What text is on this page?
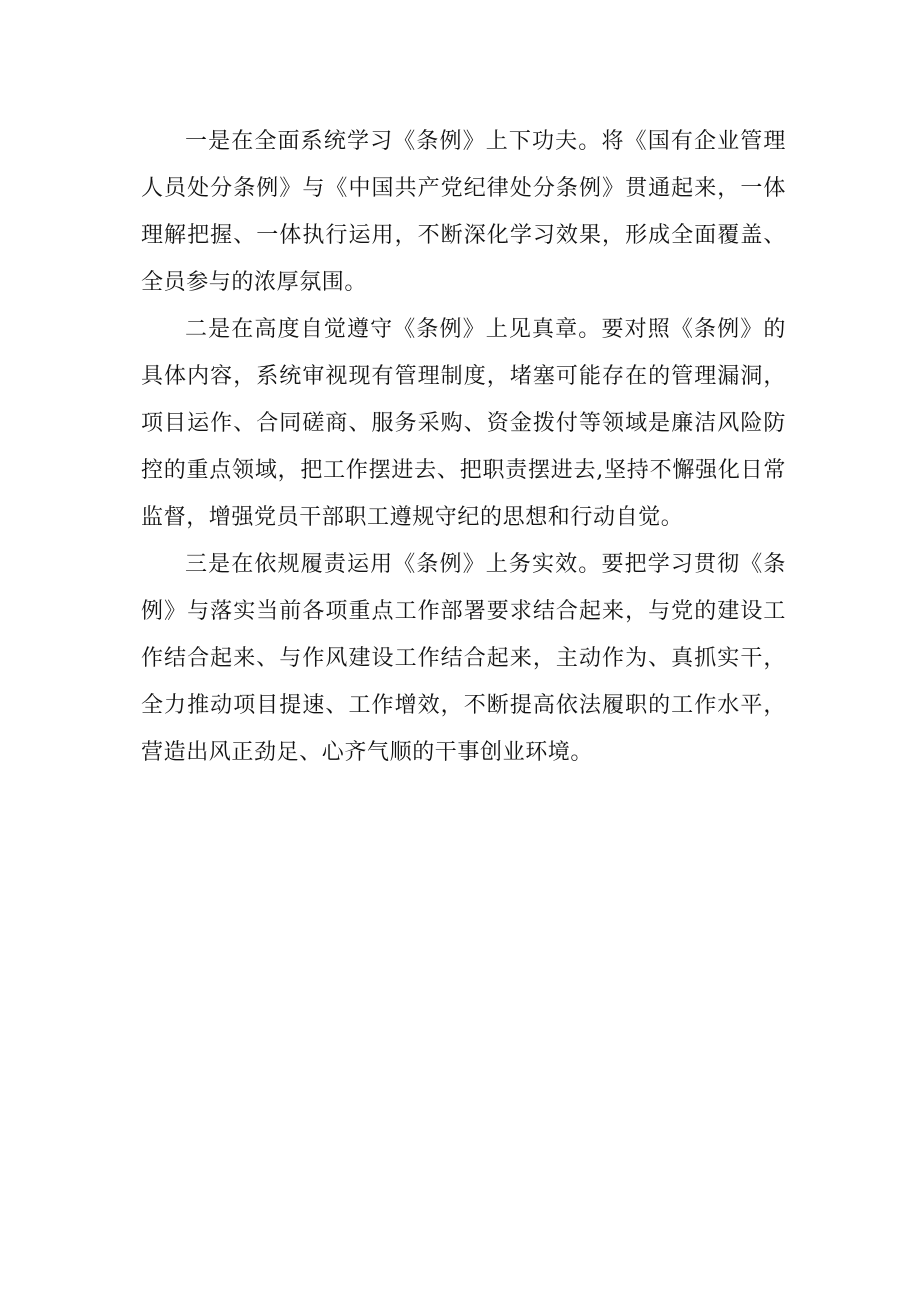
一是在全面系统学习《条例》上下功夫。将《国有企业管理人员处分条例》与《中国共产党纪律处分条例》贯通起来，一体理解把握、一体执行运用，不断深化学习效果，形成全面覆盖、全员参与的浓厚氛围。

二是在高度自觉遵守《条例》上见真章。要对照《条例》的具体内容，系统审视现有管理制度，堵塞可能存在的管理漏洞，项目运作、合同磋商、服务采购、资金拨付等领域是廉洁风险防控的重点领域，把工作摆进去、把职责摆进去,坚持不懈强化日常监督，增强党员干部职工遵规守纪的思想和行动自觉。

三是在依规履责运用《条例》上务实效。要把学习贯彻《条例》与落实当前各项重点工作部署要求结合起来，与党的建设工作结合起来、与作风建设工作结合起来，主动作为、真抓实干，全力推动项目提速、工作增效，不断提高依法履职的工作水平，营造出风正劲足、心齐气顺的干事创业环境。
